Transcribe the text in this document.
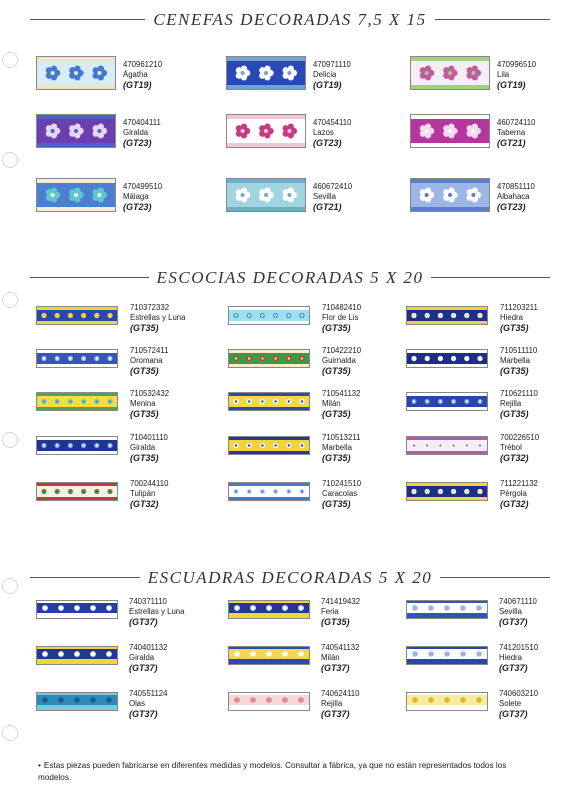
CENEFAS DECORADAS 7,5 X 15
470961210
Ágatha
(GT19)
470971110
Delicia
(GT19)
470996510
Lila
(GT19)
470404111
Giralda
(GT23)
470454110
Lazos
(GT23)
460724110
Taberna
(GT21)
470499510
Málaga
(GT23)
460672410
Sevilla
(GT21)
470851110
Albahaca
(GT23)
ESCOCIAS DECORADAS 5 X 20
710372332
Estrellas y Luna
(GT35)
710482410
Flor de Lis
(GT35)
711203211
Hiedra
(GT35)
710572411
Oromana
(GT35)
710422210
Guirnalda
(GT35)
710511110
Marbella
(GT35)
710532432
Menina
(GT35)
710541132
Milán
(GT35)
710621110
Rejilla
(GT35)
710401110
Giralda
(GT35)
710513211
Marbella
(GT35)
700226510
Trébol
(GT32)
700244110
Tulipán
(GT32)
710241510
Caracolas
(GT35)
711221132
Pérgola
(GT32)
ESCUADRAS DECORADAS 5 X 20
740371110
Estrellas y Luna
(GT37)
741419432
Feria
(GT35)
740671110
Sevilla
(GT37)
740401132
Giralda
(GT37)
740541132
Milán
(GT37)
741201510
Hiedra
(GT37)
740551124
Olas
(GT37)
740624110
Rejilla
(GT37)
740603210
Solete
(GT37)
• Estas piezas pueden fabricarse en diferentes medidas y modelos. Consultar a fábrica, ya que no están representados todos los modelos.
